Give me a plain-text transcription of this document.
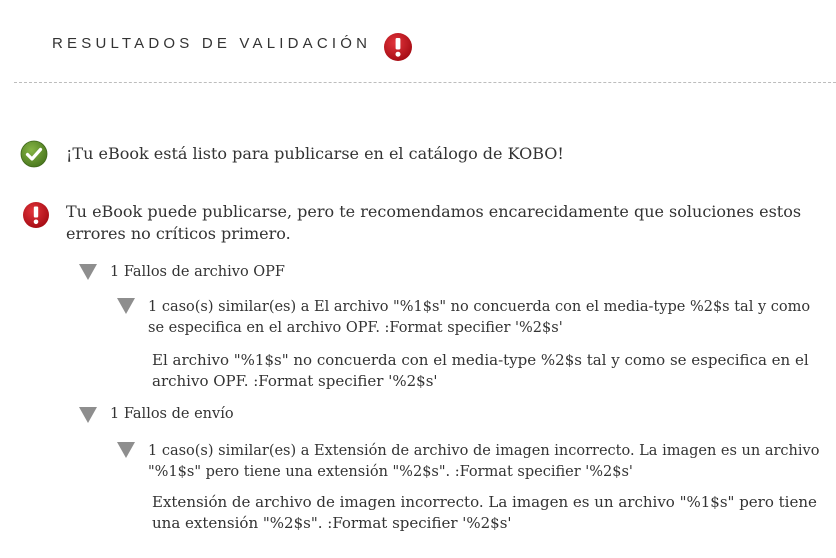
RESULTADOS DE VALIDACIÓN
¡Tu eBook está listo para publicarse en el catálogo de KOBO!
Tu eBook puede publicarse, pero te recomendamos encarecidamente que soluciones estos errores no críticos primero.
1 Fallos de archivo OPF
1 caso(s) similar(es) a El archivo "%1$s" no concuerda con el media-type %2$s tal y como se especifica en el archivo OPF. :Format specifier '%2$s'
El archivo "%1$s" no concuerda con el media-type %2$s tal y como se especifica en el archivo OPF. :Format specifier '%2$s'
1 Fallos de envío
1 caso(s) similar(es) a Extensión de archivo de imagen incorrecto. La imagen es un archivo "%1$s" pero tiene una extensión "%2$s". :Format specifier '%2$s'
Extensión de archivo de imagen incorrecto. La imagen es un archivo "%1$s" pero tiene una extensión "%2$s". :Format specifier '%2$s'
